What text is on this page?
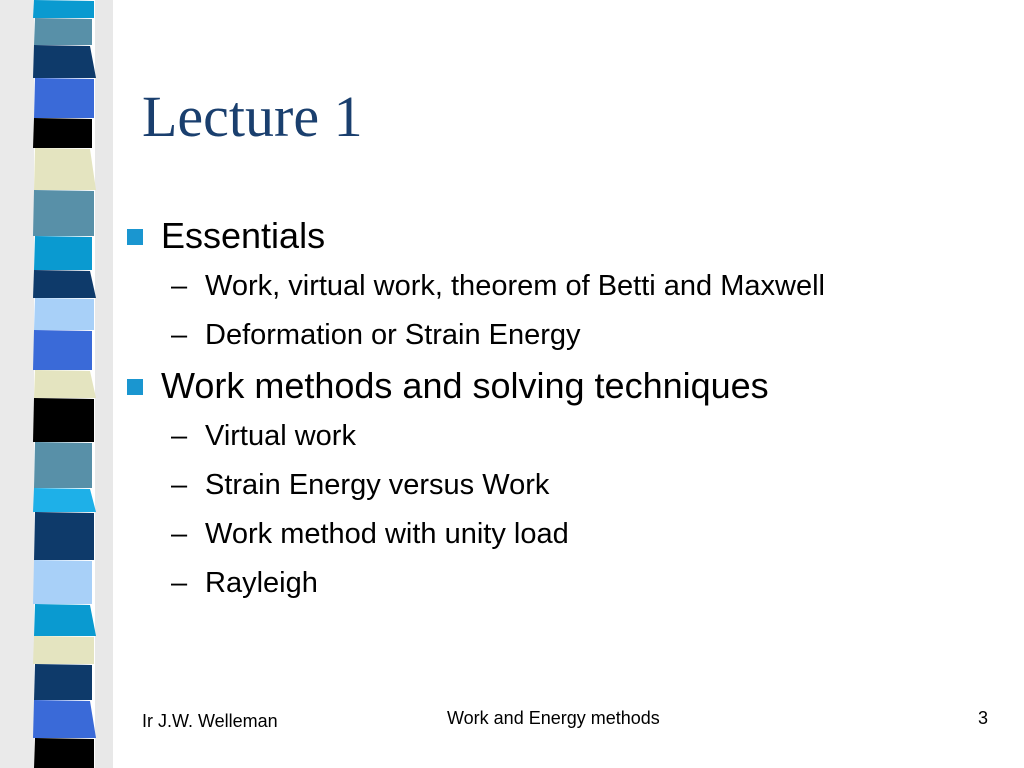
Lecture 1
Essentials
– Work, virtual work, theorem of Betti and Maxwell
– Deformation or Strain Energy
Work methods and solving techniques
– Virtual work
– Strain Energy versus Work
– Work method with unity load
– Rayleigh
Ir J.W. Welleman	Work and Energy methods	3
